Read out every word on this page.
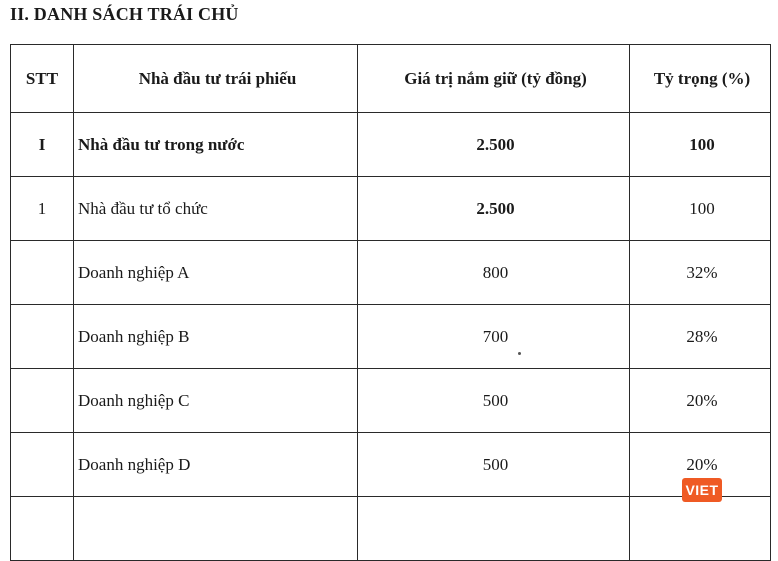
II. DANH SÁCH TRÁI CHỦ
STT	Nhà đầu tư trái phiếu	Giá trị nắm giữ (tỷ đồng)	Tỷ trọng (%)
I	Nhà đầu tư trong nước	2.500	100
1	Nhà đầu tư tổ chức	2.500	100
	Doanh nghiệp A	800	32%
	Doanh nghiệp B	700	28%
	Doanh nghiệp C	500	20%
	Doanh nghiệp D	500	20%

VIET
